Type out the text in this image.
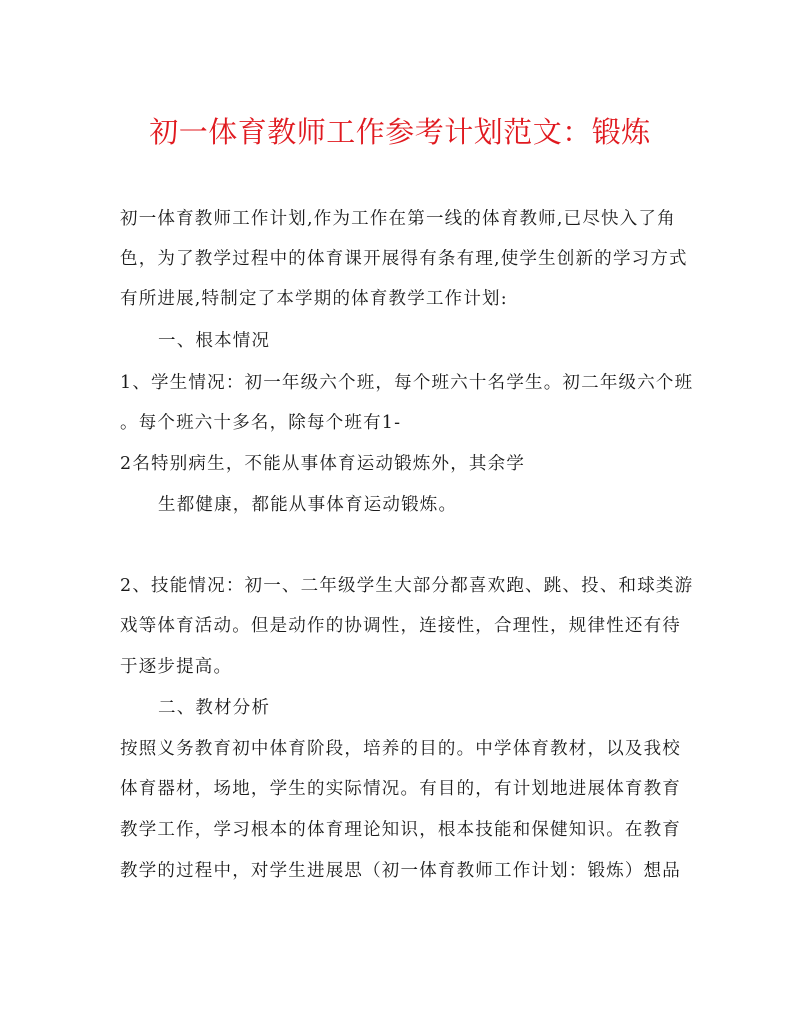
初一体育教师工作参考计划范文：锻炼
初一体育教师工作计划,作为工作在第一线的体育教师,已尽快入了角
色，为了教学过程中的体育课开展得有条有理,使学生创新的学习方式
有所进展,特制定了本学期的体育教学工作计划:
一、根本情况
1、学生情况：初一年级六个班，每个班六十名学生。初二年级六个班
。每个班六十多名，除每个班有1-
2名特别病生，不能从事体育运动锻炼外，其余学
生都健康，都能从事体育运动锻炼。
2、技能情况：初一、二年级学生大部分都喜欢跑、跳、投、和球类游
戏等体育活动。但是动作的协调性，连接性，合理性，规律性还有待
于逐步提高。
二、教材分析
按照义务教育初中体育阶段，培养的目的。中学体育教材，以及我校
体育器材，场地，学生的实际情况。有目的，有计划地进展体育教育
教学工作，学习根本的体育理论知识，根本技能和保健知识。在教育
教学的过程中，对学生进展思（初一体育教师工作计划：锻炼）想品
